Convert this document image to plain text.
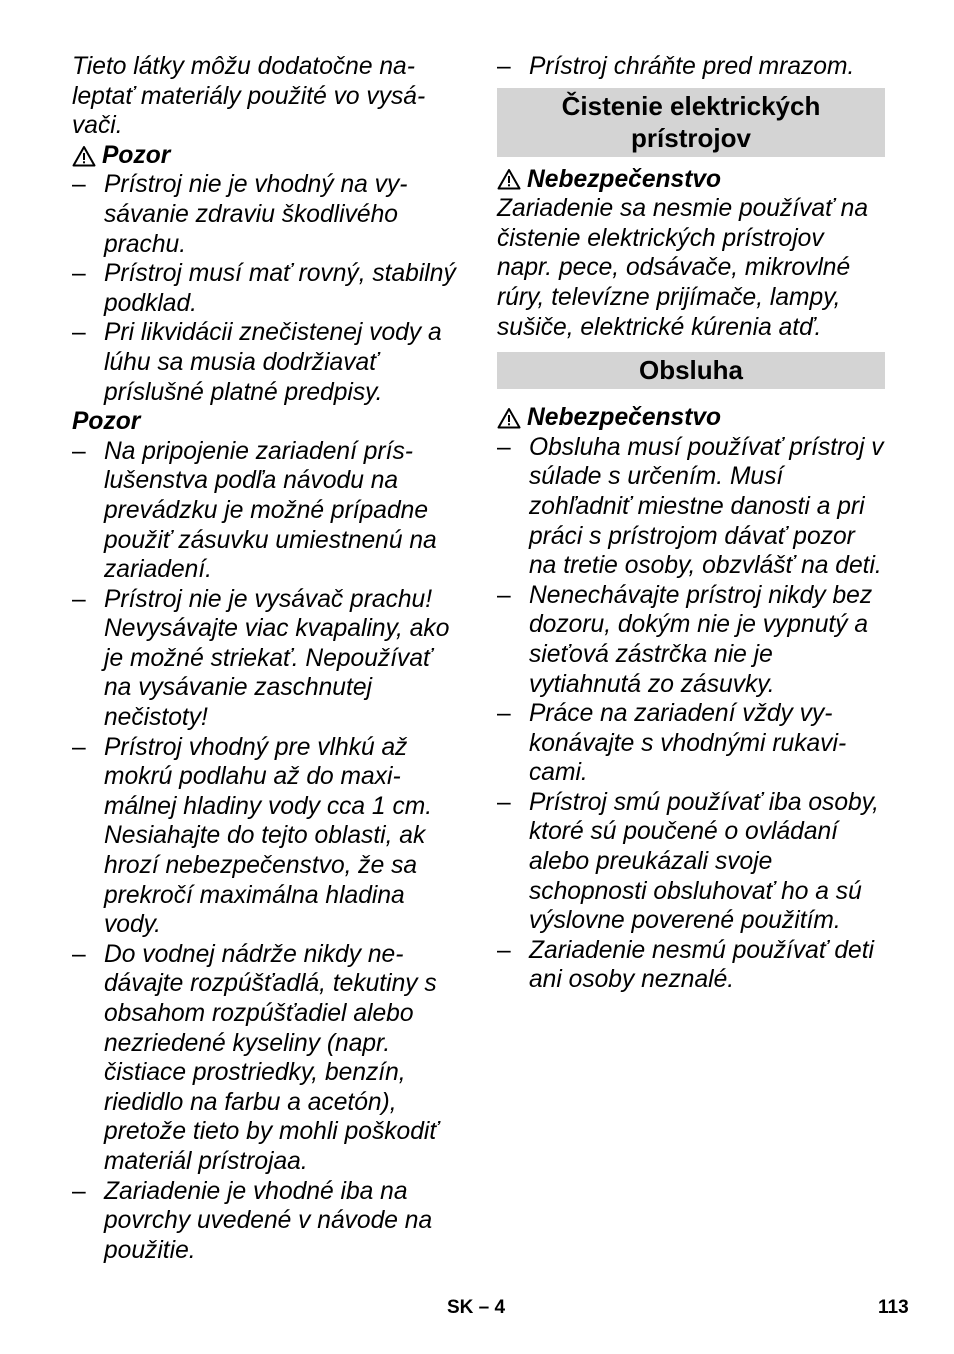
Tieto látky môžu dodatočne naleptať materiály použité vo vysávači.

Pozor

– Prístroj nie je vhodný na vysávanie zdraviu škodlivého prachu.
– Prístroj musí mať rovný, stabilný podklad.
– Pri likvidácii znečistenej vody a lúhu sa musia dodržiavať príslušné platné predpisy.

Pozor

– Na pripojenie zariadení príslušenstva podľa návodu na prevádzku je možné prípadne použiť zásuvku umiestnenú na zariadení.
– Prístroj nie je vysávač prachu! Nevysávajte viac kvapaliny, ako je možné striekať. Nepoužívať na vysávanie zaschnutej nečistoty!
– Prístroj vhodný pre vlhkú až mokrú podlahu až do maximálnej hladiny vody cca 1 cm. Nesiahajte do tejto oblasti, ak hrozí nebezpečenstvo, že sa prekročí maximálna hladina vody.
– Do vodnej nádrže nikdy nedávajte rozpúšťadlá, tekutiny s obsahom rozpúšťadiel alebo nezriedené kyseliny (napr. čistiace prostriedky, benzín, riedidlo na farbu a acetón), pretože tieto by mohli poškodiť materiál prístrojaa.
– Zariadenie je vhodné iba na povrchy uvedené v návode na použitie.
– Prístroj chráňte pred mrazom.
Čistenie elektrických prístrojov

Nebezpečenstvo

Zariadenie sa nesmie používať na čistenie elektrických prístrojov napr. pece, odsávače, mikrovlné rúry, televízne prijímače, lampy, sušiče, elektrické kúrenia atď.

Obsluha

Nebezpečenstvo

– Obsluha musí používať prístroj v súlade s určením. Musí zohľadniť miestne danosti a pri práci s prístrojom dávať pozor na tretie osoby, obzvlášť na deti.
– Nenechávajte prístroj nikdy bez dozoru, dokým nie je vypnutý a sieťová zástrčka nie je vytiahnutá zo zásuvky.
– Práce na zariadení vždy vykonávajte s vhodnými rukavicami.
– Prístroj smú používať iba osoby, ktoré sú poučené o ovládaní alebo preukázali svoje schopnosti obsluhovať ho a sú výslovne poverené použitím.
– Zariadenie nesmú používať deti ani osoby neznalé.
SK – 4	113
